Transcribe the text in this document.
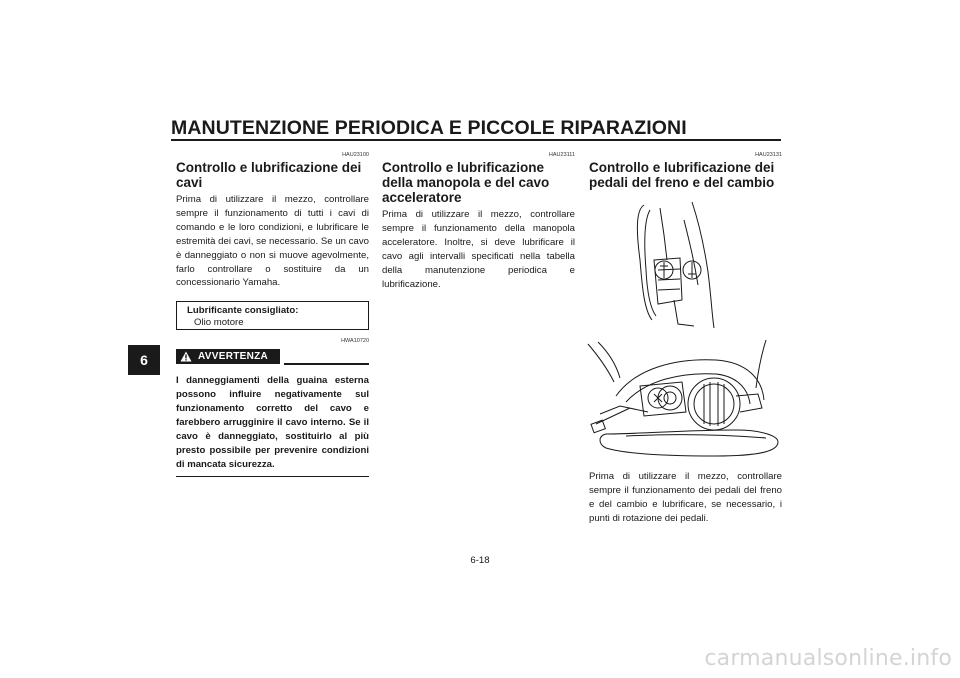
MANUTENZIONE PERIODICA E PICCOLE RIPARAZIONI
6
HAU23100
Controllo e lubrificazione dei cavi

Prima di utilizzare il mezzo, controllare sempre il funzionamento di tutti i cavi di comando e le loro condizioni, e lubrificare le estremità dei cavi, se necessario. Se un cavo è danneggiato o non si muove agevolmente, farlo controllare o sostituire da un concessionario Yamaha.

Lubrificante consigliato:
Olio motore
HWA10720
AVVERTENZA
I danneggiamenti della guaina esterna possono influire negativamente sul funzionamento corretto del cavo e farebbero arrugginire il cavo interno. Se il cavo è danneggiato, sostituirlo al più presto possibile per prevenire condizioni di mancata sicurezza.
HAU23111
Controllo e lubrificazione della manopola e del cavo acceleratore

Prima di utilizzare il mezzo, controllare sempre il funzionamento della manopola acceleratore. Inoltre, si deve lubrificare il cavo agli intervalli specificati nella tabella della manutenzione periodica e lubrificazione.

HAU23131
Controllo e lubrificazione dei pedali del freno e del cambio

Prima di utilizzare il mezzo, controllare sempre il funzionamento dei pedali del freno e del cambio e lubrificare, se necessario, i punti di rotazione dei pedali.

6-18
carmanualsonline.info
